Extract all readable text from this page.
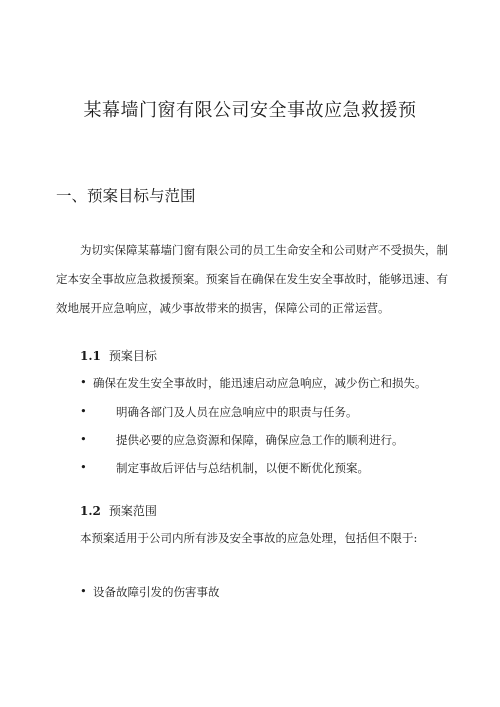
某幕墙门窗有限公司安全事故应急救援预
一、预案目标与范围
为切实保障某幕墙门窗有限公司的员工生命安全和公司财产不受损失，制定本安全事故应急救援预案。预案旨在确保在发生安全事故时，能够迅速、有效地展开应急响应，减少事故带来的损害，保障公司的正常运营。
1.1 预案目标
• 确保在发生安全事故时，能迅速启动应急响应，减少伤亡和损失。
•	明确各部门及人员在应急响应中的职责与任务。
•	提供必要的应急资源和保障，确保应急工作的顺利进行。
•	制定事故后评估与总结机制，以便不断优化预案。
1.2 预案范围
本预案适用于公司内所有涉及安全事故的应急处理，包括但不限于:
• 设备故障引发的伤害事故
